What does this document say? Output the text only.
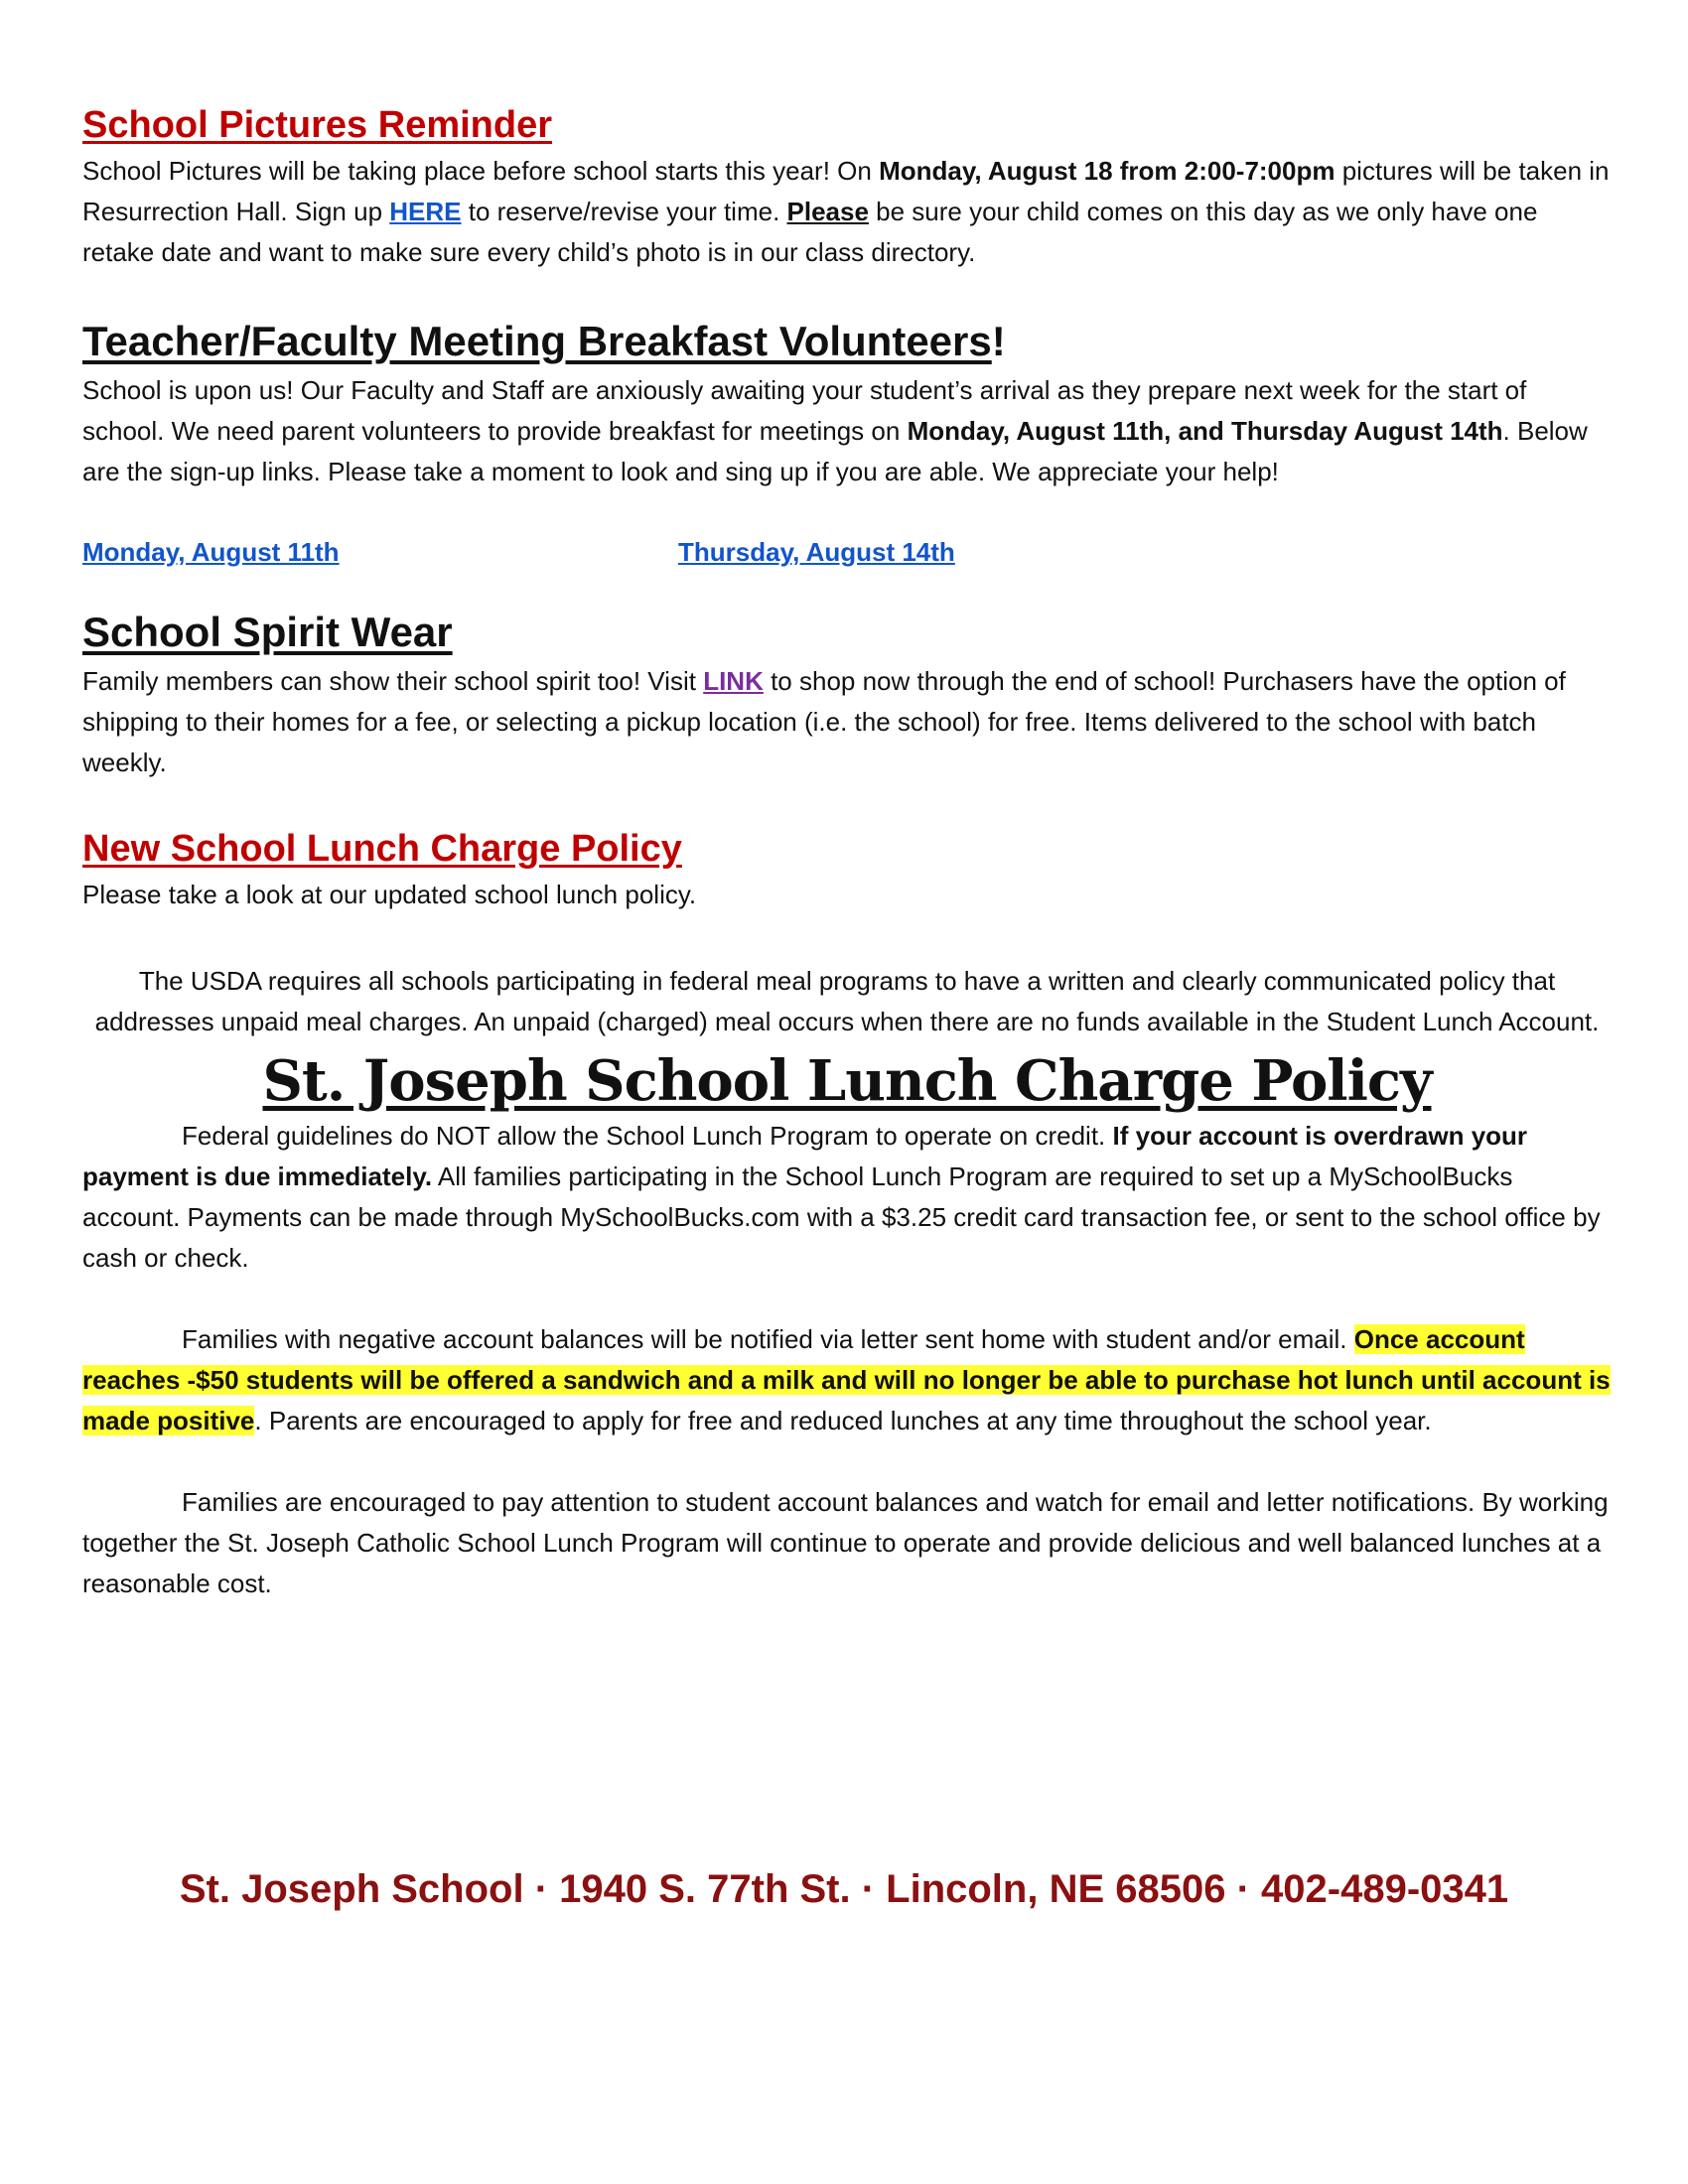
School Pictures Reminder

School Pictures will be taking place before school starts this year! On Monday, August 18 from 2:00-7:00pm pictures will be taken in Resurrection Hall. Sign up HERE to reserve/revise your time. Please be sure your child comes on this day as we only have one retake date and want to make sure every child’s photo is in our class directory.

Teacher/Faculty Meeting Breakfast Volunteers!

School is upon us! Our Faculty and Staff are anxiously awaiting your student’s arrival as they prepare next week for the start of school. We need parent volunteers to provide breakfast for meetings on Monday, August 11th, and Thursday August 14th. Below are the sign-up links. Please take a moment to look and sing up if you are able. We appreciate your help!

Monday, August 11th	Thursday, August 14th
School Spirit Wear

Family members can show their school spirit too! Visit LINK to shop now through the end of school! Purchasers have the option of shipping to their homes for a fee, or selecting a pickup location (i.e. the school) for free. Items delivered to the school with batch weekly.

New School Lunch Charge Policy

Please take a look at our updated school lunch policy.

The USDA requires all schools participating in federal meal programs to have a written and clearly communicated policy that addresses unpaid meal charges. An unpaid (charged) meal occurs when there are no funds available in the Student Lunch Account.

St. Joseph School Lunch Charge Policy

Federal guidelines do NOT allow the School Lunch Program to operate on credit. If your account is overdrawn your payment is due immediately. All families participating in the School Lunch Program are required to set up a MySchoolBucks account. Payments can be made through MySchoolBucks.com with a $3.25 credit card transaction fee, or sent to the school office by cash or check.

Families with negative account balances will be notified via letter sent home with student and/or email. Once account reaches -$50 students will be offered a sandwich and a milk and will no longer be able to purchase hot lunch until account is made positive. Parents are encouraged to apply for free and reduced lunches at any time throughout the school year.

Families are encouraged to pay attention to student account balances and watch for email and letter notifications. By working together the St. Joseph Catholic School Lunch Program will continue to operate and provide delicious and well balanced lunches at a reasonable cost.

St. Joseph School · 1940 S. 77th St. · Lincoln, NE 68506 · 402-489-0341
